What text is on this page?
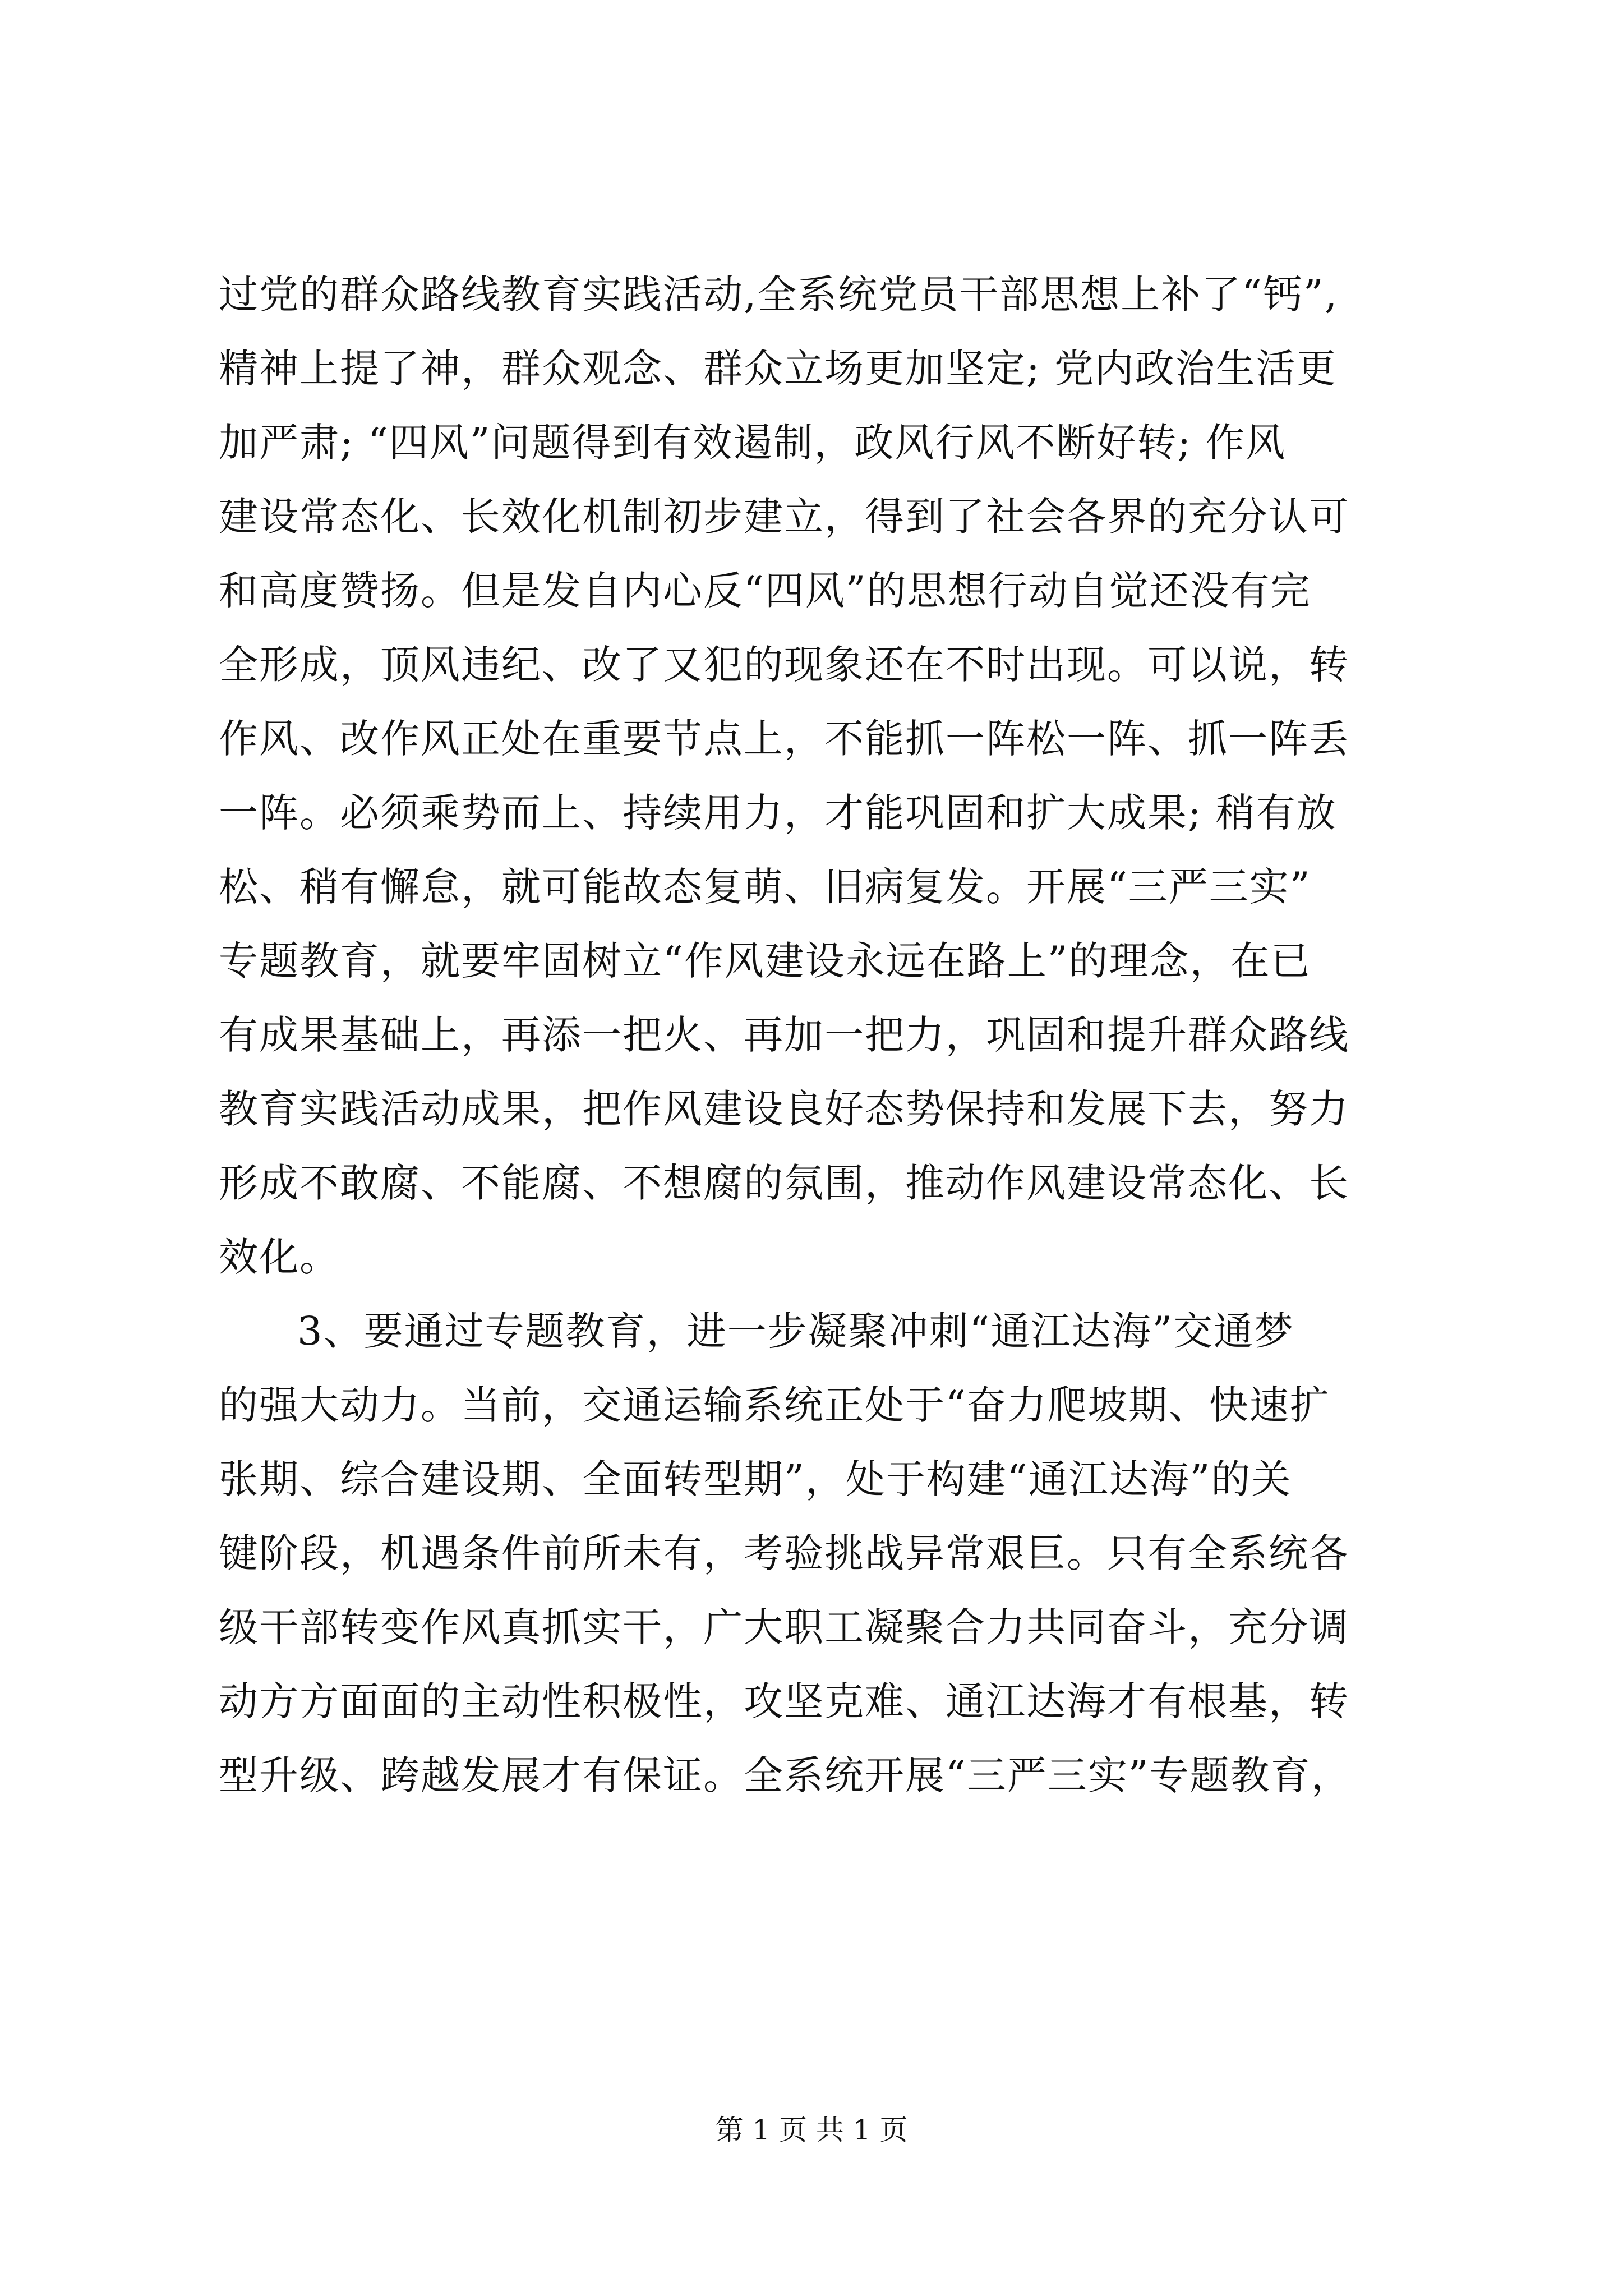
过党的群众路线教育实践活动,全系统党员干部思想上补了“钙”,
精神上提了神，群众观念、群众立场更加坚定; 党内政治生活更
加严肃; “四风”问题得到有效遏制，政风行风不断好转; 作风
建设常态化、长效化机制初步建立，得到了社会各界的充分认可
和高度赞扬。但是发自内心反“四风”的思想行动自觉还没有完
全形成，顶风违纪、改了又犯的现象还在不时出现。可以说，转
作风、改作风正处在重要节点上，不能抓一阵松一阵、抓一阵丢
一阵。必须乘势而上、持续用力，才能巩固和扩大成果; 稍有放
松、稍有懈怠，就可能故态复萌、旧病复发。开展“三严三实”
专题教育，就要牢固树立“作风建设永远在路上”的理念，在已
有成果基础上，再添一把火、再加一把力，巩固和提升群众路线
教育实践活动成果，把作风建设良好态势保持和发展下去，努力
形成不敢腐、不能腐、不想腐的氛围，推动作风建设常态化、长
效化。
3、要通过专题教育，进一步凝聚冲刺“通江达海”交通梦
的强大动力。当前，交通运输系统正处于“奋力爬坡期、快速扩
张期、综合建设期、全面转型期”，处于构建“通江达海”的关
键阶段，机遇条件前所未有，考验挑战异常艰巨。只有全系统各
级干部转变作风真抓实干，广大职工凝聚合力共同奋斗，充分调
动方方面面的主动性积极性，攻坚克难、通江达海才有根基，转
型升级、跨越发展才有保证。全系统开展“三严三实”专题教育，
第 1 页 共 1 页
